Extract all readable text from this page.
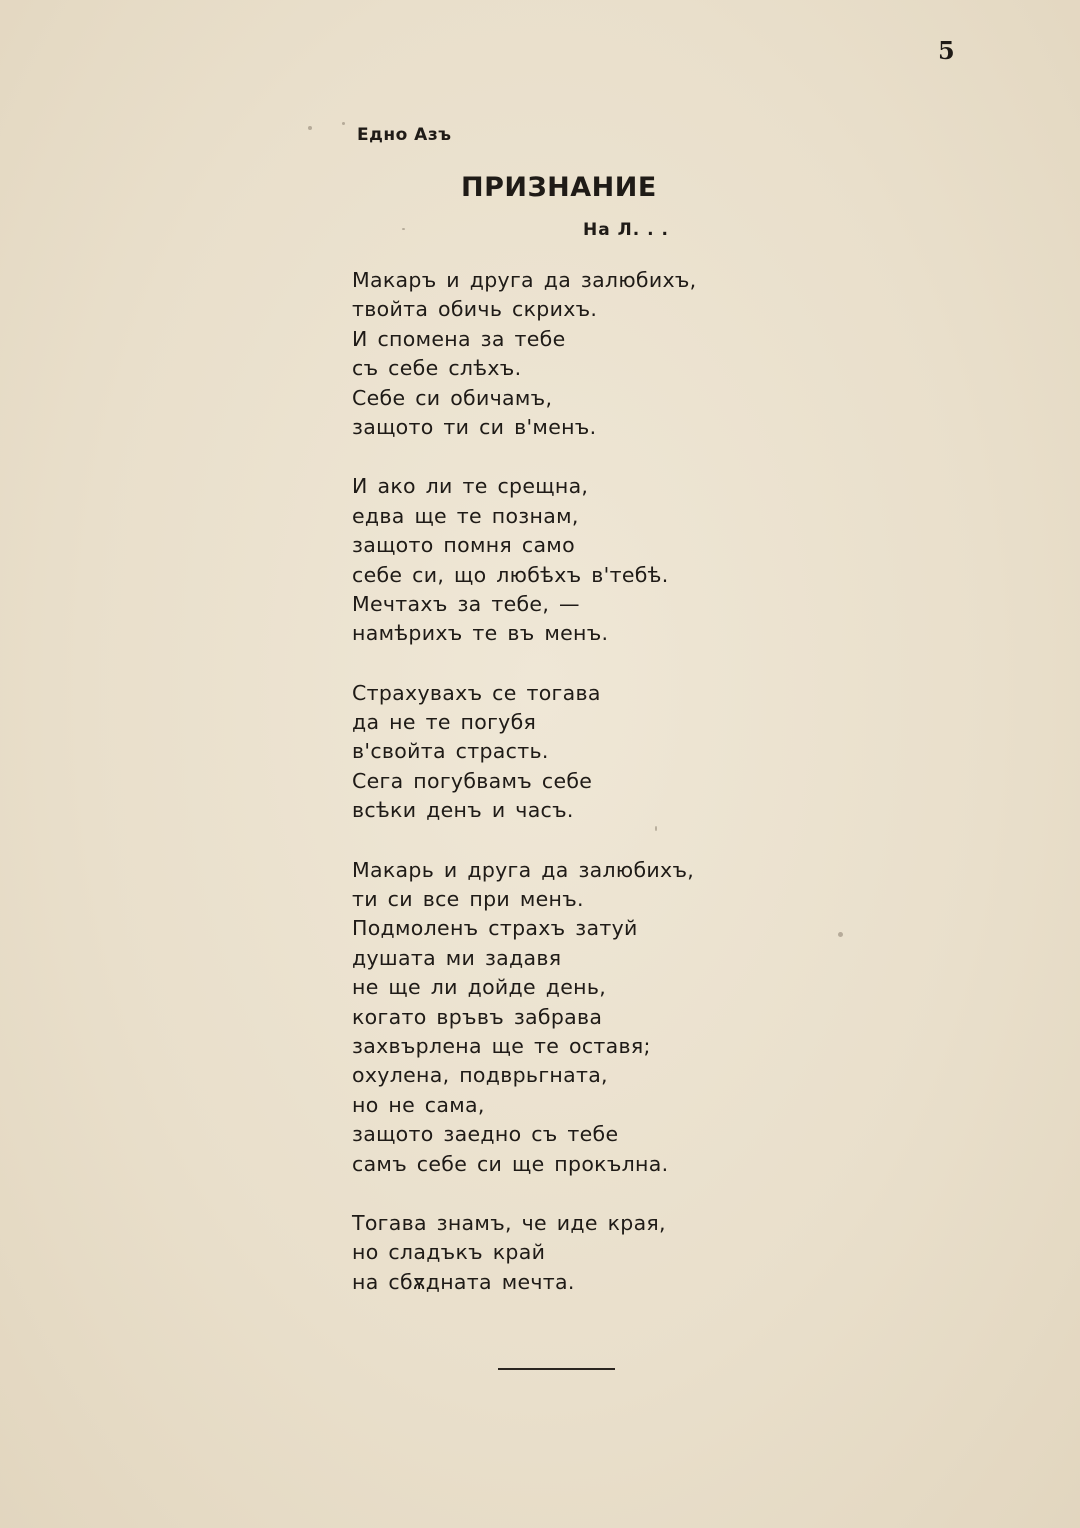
5
Едно Азъ
ПРИЗНАНИЕ
На Л. . .
Макаръ и друга да залюбихъ,
твойта обичь скрихъ.
И спомена за тебе
съ себе слѣхъ.
Себе си обичамъ,
защото ти си в'менъ.
И ако ли те срещна,
едва ще те познам,
защото помня само
себе си, що любѣхъ в'тебѣ.
Мечтахъ за тебе, —
намѣрихъ те въ менъ.
Страхувахъ се тогава
да не те погубя
в'свойта страсть.
Сега погубвамъ себе
всѣки денъ и часъ.
Макарь и друга да залюбихъ,
ти си все при менъ.
Подмоленъ страхъ затуй
душата ми задавя
не ще ли дойде день,
когато връвъ забрава
захвърлена ще те оставя;
охулена, подврьгната,
но не сама,
защото заедно съ тебе
самъ себе си ще прокълна.
Тогава знамъ, че иде края,
но сладъкъ край
на сбѫдната мечта.
